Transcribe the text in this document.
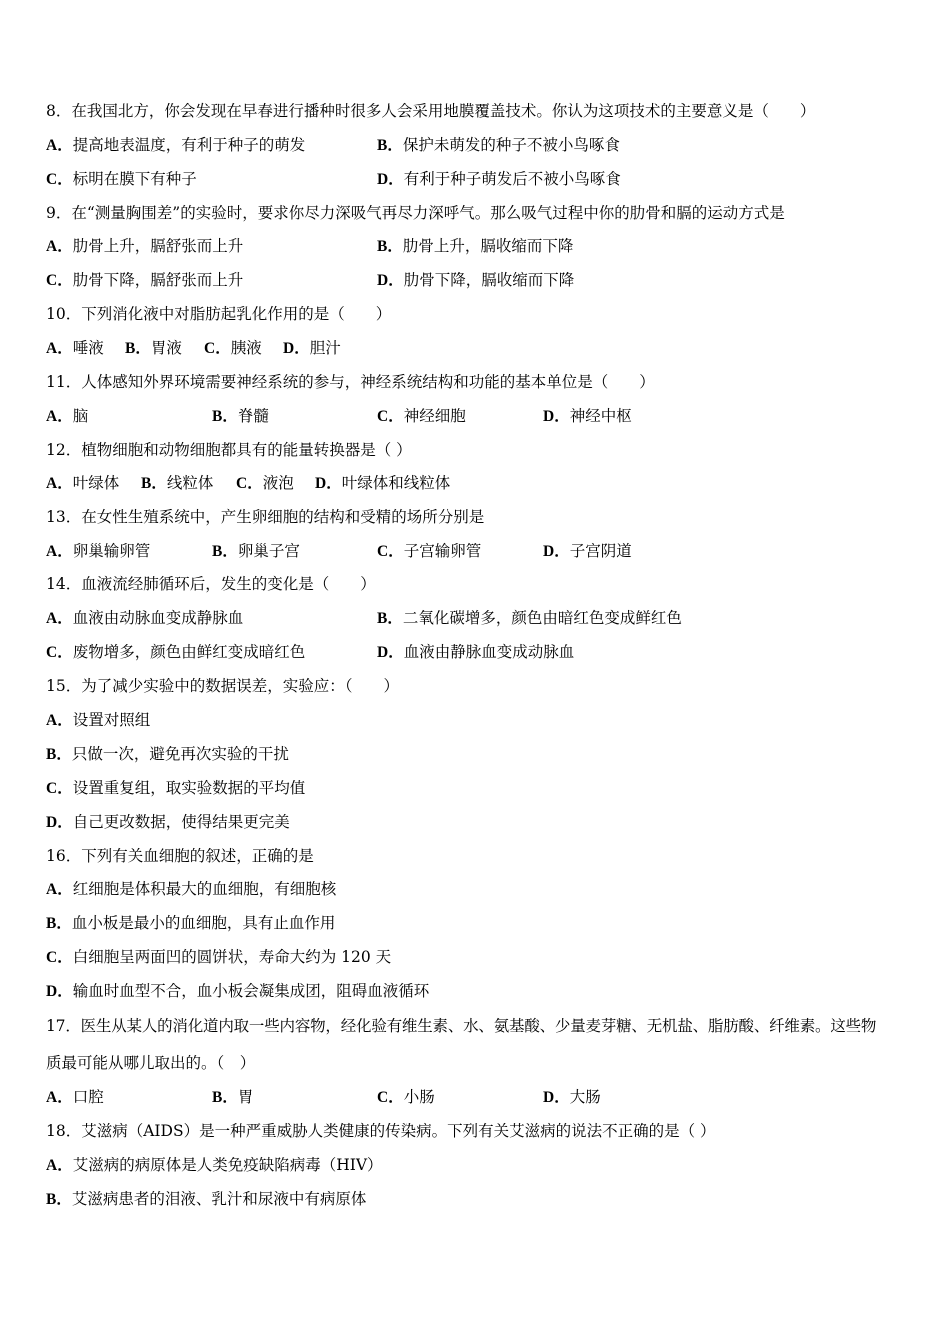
8．在我国北方，你会发现在早春进行播种时很多人会采用地膜覆盖技术。你认为这项技术的主要意义是（　　）
A．提高地表温度，有利于种子的萌发	B．保护未萌发的种子不被小鸟啄食
C．标明在膜下有种子	D．有利于种子萌发后不被小鸟啄食
9．在“测量胸围差”的实验时，要求你尽力深吸气再尽力深呼气。那么吸气过程中你的肋骨和膈的运动方式是
A．肋骨上升，膈舒张而上升	B．肋骨上升，膈收缩而下降
C．肋骨下降，膈舒张而上升	D．肋骨下降，膈收缩而下降
10．下列消化液中对脂肪起乳化作用的是（　　）
A．唾液 B．胃液 C．胰液 D．胆汁
11．人体感知外界环境需要神经系统的参与，神经系统结构和功能的基本单位是（　　）
A．脑	B．脊髓	C．神经细胞	D．神经中枢
12．植物细胞和动物细胞都具有的能量转换器是（ ）
A．叶绿体 B．线粒体 C．液泡 D．叶绿体和线粒体
13．在女性生殖系统中，产生卵细胞的结构和受精的场所分别是
A．卵巢输卵管	B．卵巢子宫	C．子宫输卵管	D．子宫阴道
14．血液流经肺循环后，发生的变化是（　　）
A．血液由动脉血变成静脉血	B．二氧化碳增多，颜色由暗红色变成鲜红色
C．废物增多，颜色由鲜红变成暗红色	D．血液由静脉血变成动脉血
15．为了减少实验中的数据误差，实验应：（　　）
A．设置对照组
B．只做一次，避免再次实验的干扰
C．设置重复组，取实验数据的平均值
D．自己更改数据，使得结果更完美
16．下列有关血细胞的叙述，正确的是
A．红细胞是体积最大的血细胞，有细胞核
B．血小板是最小的血细胞，具有止血作用
C．白细胞呈两面凹的圆饼状，寿命大约为 120 天
D．输血时血型不合，血小板会凝集成团，阻碍血液循环
17．医生从某人的消化道内取一些内容物，经化验有维生素、水、氨基酸、少量麦芽糖、无机盐、脂肪酸、纤维素。这些物
质最可能从哪儿取出的。（　）
A．口腔	B．胃	C．小肠	D．大肠
18．艾滋病（AIDS）是一种严重威胁人类健康的传染病。下列有关艾滋病的说法不正确的是（ ）
A．艾滋病的病原体是人类免疫缺陷病毒（HIV）
B．艾滋病患者的泪液、乳汁和尿液中有病原体
